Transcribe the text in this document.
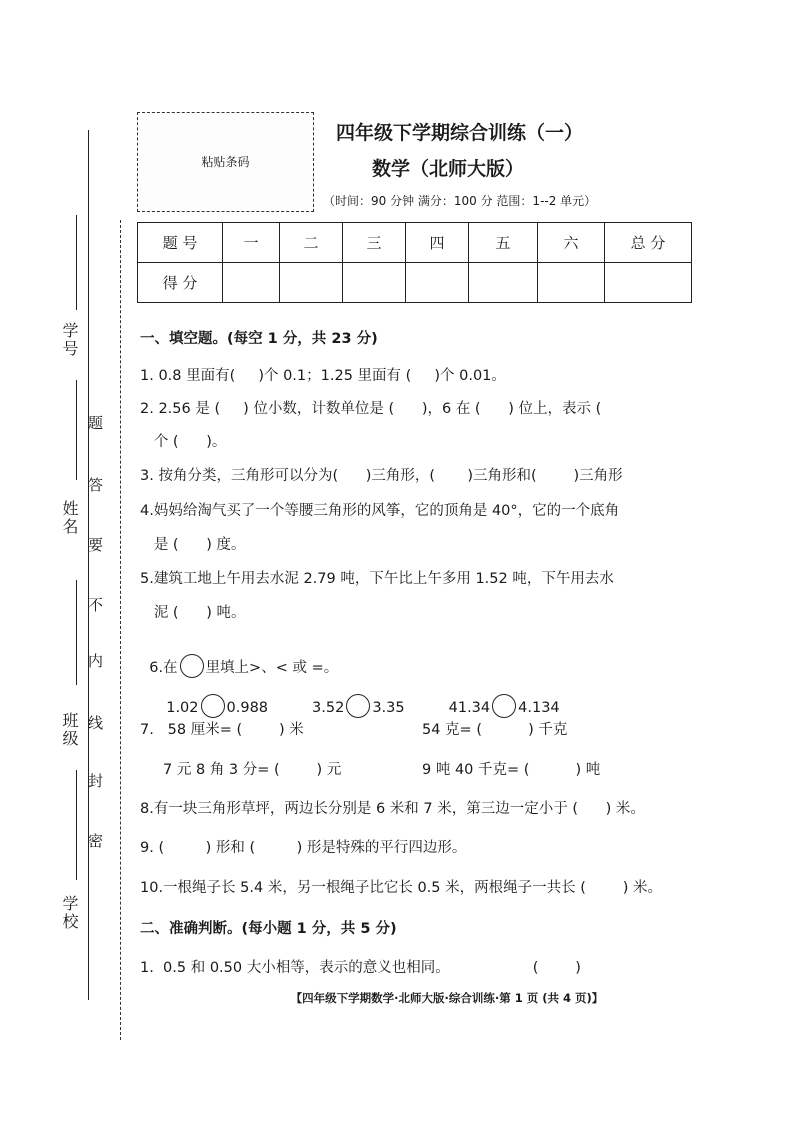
学号
姓名
班级
学校
题
答
要
不
内
线
封
密
粘贴条码
四年级下学期综合训练（一）
数学（北师大版）
（时间：90 分钟 满分：100 分 范围：1--2 单元）
题 号	一	二	三	四	五	六	总 分
得 分							
一、填空题。(每空 1 分，共 23 分)
1. 0.8 里面有(     )个 0.1；1.25 里面有 (     )个 0.01。
2. 2.56 是 (     ) 位小数，计数单位是 (      )，6 在 (      ) 位上，表示 (
个 (      )。
3. 按角分类，三角形可以分为(      )三角形，(       )三角形和(        )三角形
4.妈妈给淘气买了一个等腰三角形的风筝，它的顶角是 40°，它的一个底角
是 (      ) 度。
5.建筑工地上午用去水泥 2.79 吨，下午比上午多用 1.52 吨，下午用去水
泥 (      ) 吨。

6.在 里填上>、< 或 =。

1.02 0.988	3.52 3.35	41.34 4.134

7.   58 厘米= (        ) 米	54 克= (          ) 千克
7 元 8 角 3 分= (        ) 元	9 吨 40 千克= (          ) 吨
8.有一块三角形草坪，两边长分别是 6 米和 7 米，第三边一定小于 (      ) 米。
9. (         ) 形和 (         ) 形是特殊的平行四边形。
10.一根绳子长 5.4 米，另一根绳子比它长 0.5 米，两根绳子一共长 (        ) 米。
二、准确判断。(每小题 1 分，共 5 分)
1.  0.5 和 0.50 大小相等，表示的意义也相同。                  (        )
【四年级下学期数学·北师大版·综合训练·第 1 页 (共 4 页)】
